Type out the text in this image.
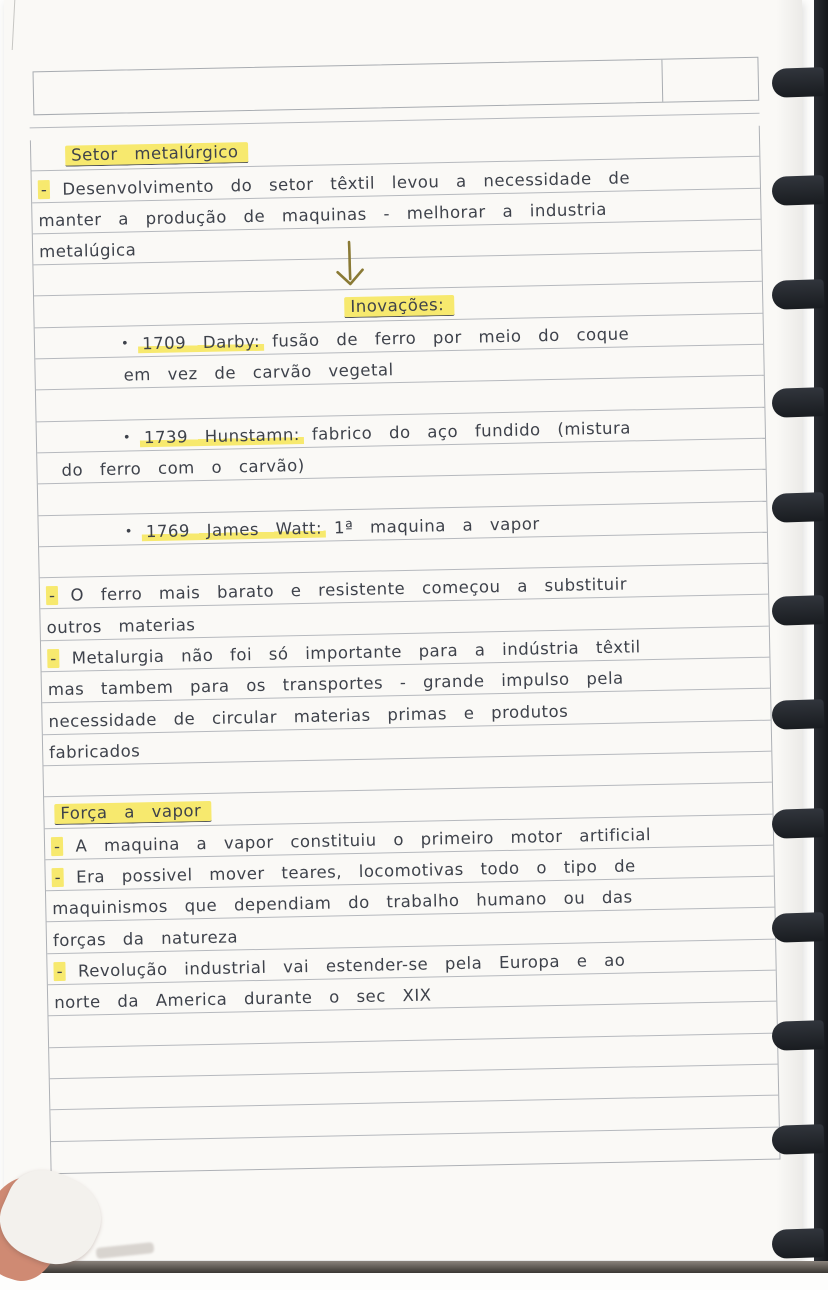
Setor metalúrgico
- Desenvolvimento do setor têxtil levou a necessidade de
manter a produção de maquinas - melhorar a industria
metalúgica
Inovações:
• 1709 Darby: fusão de ferro por meio do coque
em vez de carvão vegetal
• 1739 Hunstamn: fabrico do aço fundido (mistura
do ferro com o carvão)
• 1769 James Watt: 1ª maquina a vapor
- O ferro mais barato e resistente começou a substituir
outros materias
- Metalurgia não foi só importante para a indústria têxtil
mas tambem para os transportes - grande impulso pela
necessidade de circular materias primas e produtos
fabricados
Força a vapor
- A maquina a vapor constituiu o primeiro motor artificial
- Era possivel mover teares, locomotivas todo o tipo de
maquinismos que dependiam do trabalho humano ou das
forças da natureza
- Revolução industrial vai estender-se pela Europa e ao
norte da America durante o sec XIX
